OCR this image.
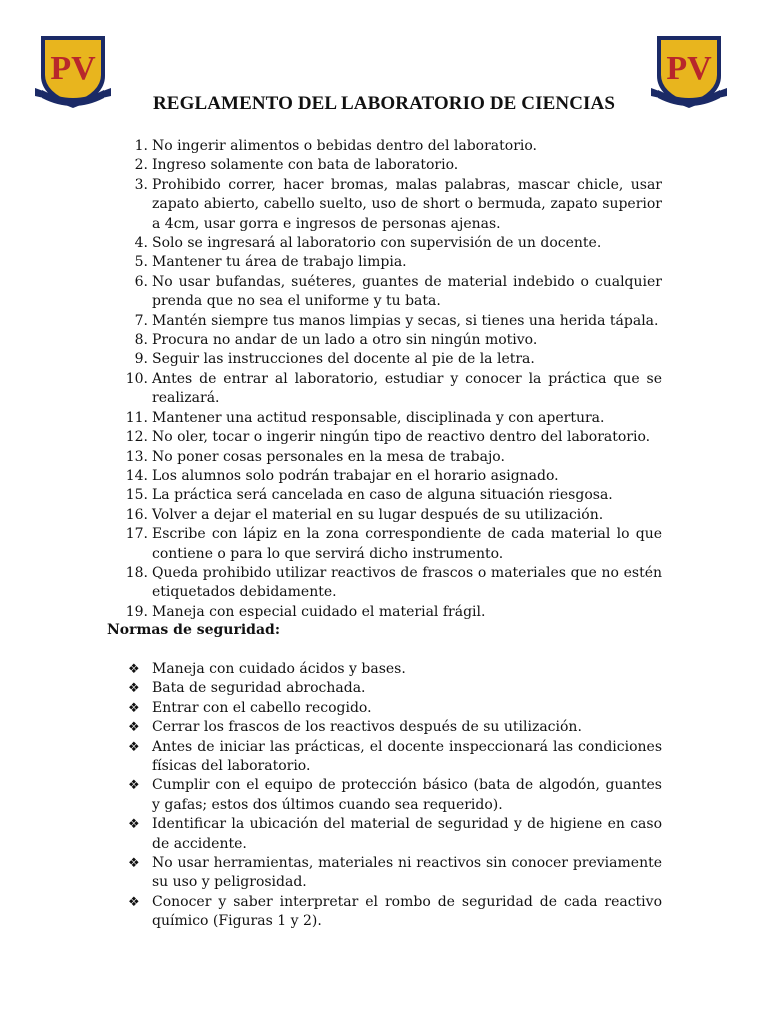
PV	PV
REGLAMENTO DEL LABORATORIO DE CIENCIAS
1. No ingerir alimentos o bebidas dentro del laboratorio.
2. Ingreso solamente con bata de laboratorio.
3. Prohibido correr, hacer bromas, malas palabras, mascar chicle, usar zapato abierto, cabello suelto, uso de short o bermuda, zapato superior a 4cm, usar gorra e ingresos de personas ajenas.
4. Solo se ingresará al laboratorio con supervisión de un docente.
5. Mantener tu área de trabajo limpia.
6. No usar bufandas, suéteres, guantes de material indebido o cualquier prenda que no sea el uniforme y tu bata.
7. Mantén siempre tus manos limpias y secas, si tienes una herida tápala.
8. Procura no andar de un lado a otro sin ningún motivo.
9. Seguir las instrucciones del docente al pie de la letra.
10. Antes de entrar al laboratorio, estudiar y conocer la práctica que se realizará.
11. Mantener una actitud responsable, disciplinada y con apertura.
12. No oler, tocar o ingerir ningún tipo de reactivo dentro del laboratorio.
13. No poner cosas personales en la mesa de trabajo.
14. Los alumnos solo podrán trabajar en el horario asignado.
15. La práctica será cancelada en caso de alguna situación riesgosa.
16. Volver a dejar el material en su lugar después de su utilización.
17. Escribe con lápiz en la zona correspondiente de cada material lo que contiene o para lo que servirá dicho instrumento.
18. Queda prohibido utilizar reactivos de frascos o materiales que no estén etiquetados debidamente.
19. Maneja con especial cuidado el material frágil.
Normas de seguridad:
❖ Maneja con cuidado ácidos y bases.
❖ Bata de seguridad abrochada.
❖ Entrar con el cabello recogido.
❖ Cerrar los frascos de los reactivos después de su utilización.
❖ Antes de iniciar las prácticas, el docente inspeccionará las condiciones físicas del laboratorio.
❖ Cumplir con el equipo de protección básico (bata de algodón, guantes y gafas; estos dos últimos cuando sea requerido).
❖ Identificar la ubicación del material de seguridad y de higiene en caso de accidente.
❖ No usar herramientas, materiales ni reactivos sin conocer previamente su uso y peligrosidad.
❖ Conocer y saber interpretar el rombo de seguridad de cada reactivo químico (Figuras 1 y 2).
